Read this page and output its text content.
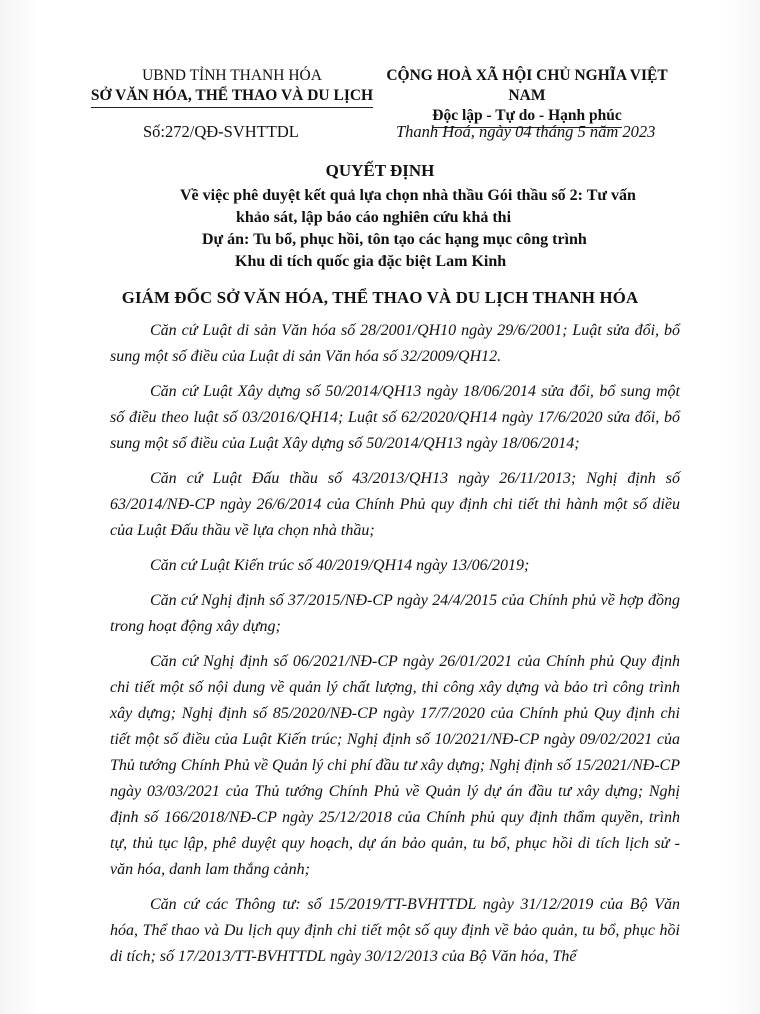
UBND TỈNH THANH HÓA
SỞ VĂN HÓA, THỂ THAO VÀ DU LỊCH
CỘNG HOÀ XÃ HỘI CHỦ NGHĨA VIỆT NAM
Độc lập - Tự do - Hạnh phúc
Số:272/QĐ-SVHTTDL	Thanh Hoá, ngày 04 tháng 5 năm 2023
QUYẾT ĐỊNH
Về việc phê duyệt kết quả lựa chọn nhà thầu Gói thầu số 2: Tư vấn
khảo sát, lập báo cáo nghiên cứu khả thi
Dự án: Tu bổ, phục hồi, tôn tạo các hạng mục công trình
Khu di tích quốc gia đặc biệt Lam Kinh
GIÁM ĐỐC SỞ VĂN HÓA, THỂ THAO VÀ DU LỊCH THANH HÓA

Căn cứ Luật di sản Văn hóa số 28/2001/QH10 ngày 29/6/2001; Luật sửa đổi, bổ sung một số điều của Luật di sản Văn hóa số 32/2009/QH12.

Căn cứ Luật Xây dựng số 50/2014/QH13 ngày 18/06/2014 sửa đổi, bổ sung một số điều theo luật số 03/2016/QH14; Luật số 62/2020/QH14 ngày 17/6/2020 sửa đổi, bổ sung một số điều của Luật Xây dựng số 50/2014/QH13 ngày 18/06/2014;

Căn cứ Luật Đấu thầu số 43/2013/QH13 ngày 26/11/2013; Nghị định số 63/2014/NĐ-CP ngày 26/6/2014 của Chính Phủ quy định chi tiết thi hành một số diều của Luật Đấu thầu về lựa chọn nhà thầu;

Căn cứ Luật Kiến trúc số 40/2019/QH14 ngày 13/06/2019;

Căn cứ Nghị định số 37/2015/NĐ-CP ngày 24/4/2015 của Chính phủ về hợp đồng trong hoạt động xây dựng;

Căn cứ Nghị định số 06/2021/NĐ-CP ngày 26/01/2021 của Chính phủ Quy định chi tiết một số nội dung về quản lý chất lượng, thi công xây dựng và bảo trì công trình xây dựng; Nghị định số 85/2020/NĐ-CP ngày 17/7/2020 của Chính phủ Quy định chi tiết một số điều của Luật Kiến trúc; Nghị định số 10/2021/NĐ-CP ngày 09/02/2021 của Thủ tướng Chính Phủ về Quản lý chi phí đầu tư xây dựng; Nghị định số 15/2021/NĐ-CP ngày 03/03/2021 của Thủ tướng Chính Phủ về Quản lý dự án đầu tư xây dựng; Nghị định số 166/2018/NĐ-CP ngày 25/12/2018 của Chính phủ quy định thẩm quyền, trình tự, thủ tục lập, phê duyệt quy hoạch, dự án bảo quản, tu bổ, phục hồi di tích lịch sử - văn hóa, danh lam thắng cảnh;

Căn cứ các Thông tư: số 15/2019/TT-BVHTTDL ngày 31/12/2019 của Bộ Văn hóa, Thể thao và Du lịch quy định chi tiết một số quy định về bảo quản, tu bổ, phục hồi di tích; số 17/2013/TT-BVHTTDL ngày 30/12/2013 của Bộ Văn hóa, Thể
